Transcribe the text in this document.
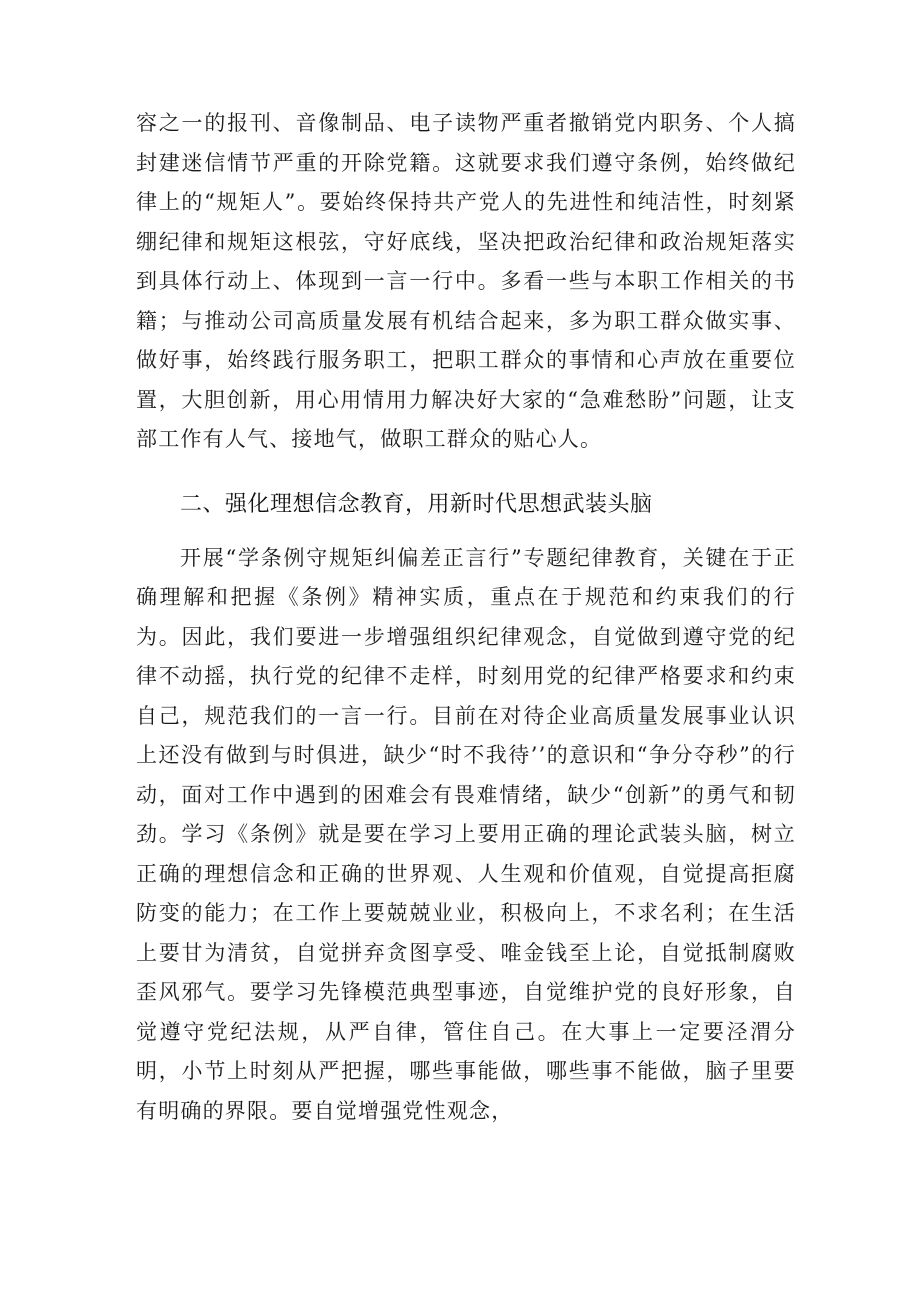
容之一的报刊、音像制品、电子读物严重者撤销党内职务、个人搞封建迷信情节严重的开除党籍。这就要求我们遵守条例，始终做纪律上的“规矩人”。要始终保持共产党人的先进性和纯洁性，时刻紧绷纪律和规矩这根弦，守好底线，坚决把政治纪律和政治规矩落实到具体行动上、体现到一言一行中。多看一些与本职工作相关的书籍；与推动公司高质量发展有机结合起来，多为职工群众做实事、做好事，始终践行服务职工，把职工群众的事情和心声放在重要位置，大胆创新，用心用情用力解决好大家的“急难愁盼”问题，让支部工作有人气、接地气，做职工群众的贴心人。

二、强化理想信念教育，用新时代思想武装头脑

开展“学条例守规矩纠偏差正言行”专题纪律教育，关键在于正确理解和把握《条例》精神实质，重点在于规范和约束我们的行为。因此，我们要进一步增强组织纪律观念，自觉做到遵守党的纪律不动摇，执行党的纪律不走样，时刻用党的纪律严格要求和约束自己，规范我们的一言一行。目前在对待企业高质量发展事业认识上还没有做到与时俱进，缺少“时不我待’’的意识和“争分夺秒”的行动，面对工作中遇到的困难会有畏难情绪，缺少“创新”的勇气和韧劲。学习《条例》就是要在学习上要用正确的理论武装头脑，树立正确的理想信念和正确的世界观、人生观和价值观，自觉提高拒腐防变的能力；在工作上要兢兢业业，积极向上，不求名利；在生活上要甘为清贫，自觉拼弃贪图享受、唯金钱至上论，自觉抵制腐败歪风邪气。要学习先锋模范典型事迹，自觉维护党的良好形象，自觉遵守党纪法规，从严自律，管住自己。在大事上一定要泾渭分明，小节上时刻从严把握，哪些事能做，哪些事不能做，脑子里要有明确的界限。要自觉增强党性观念，
